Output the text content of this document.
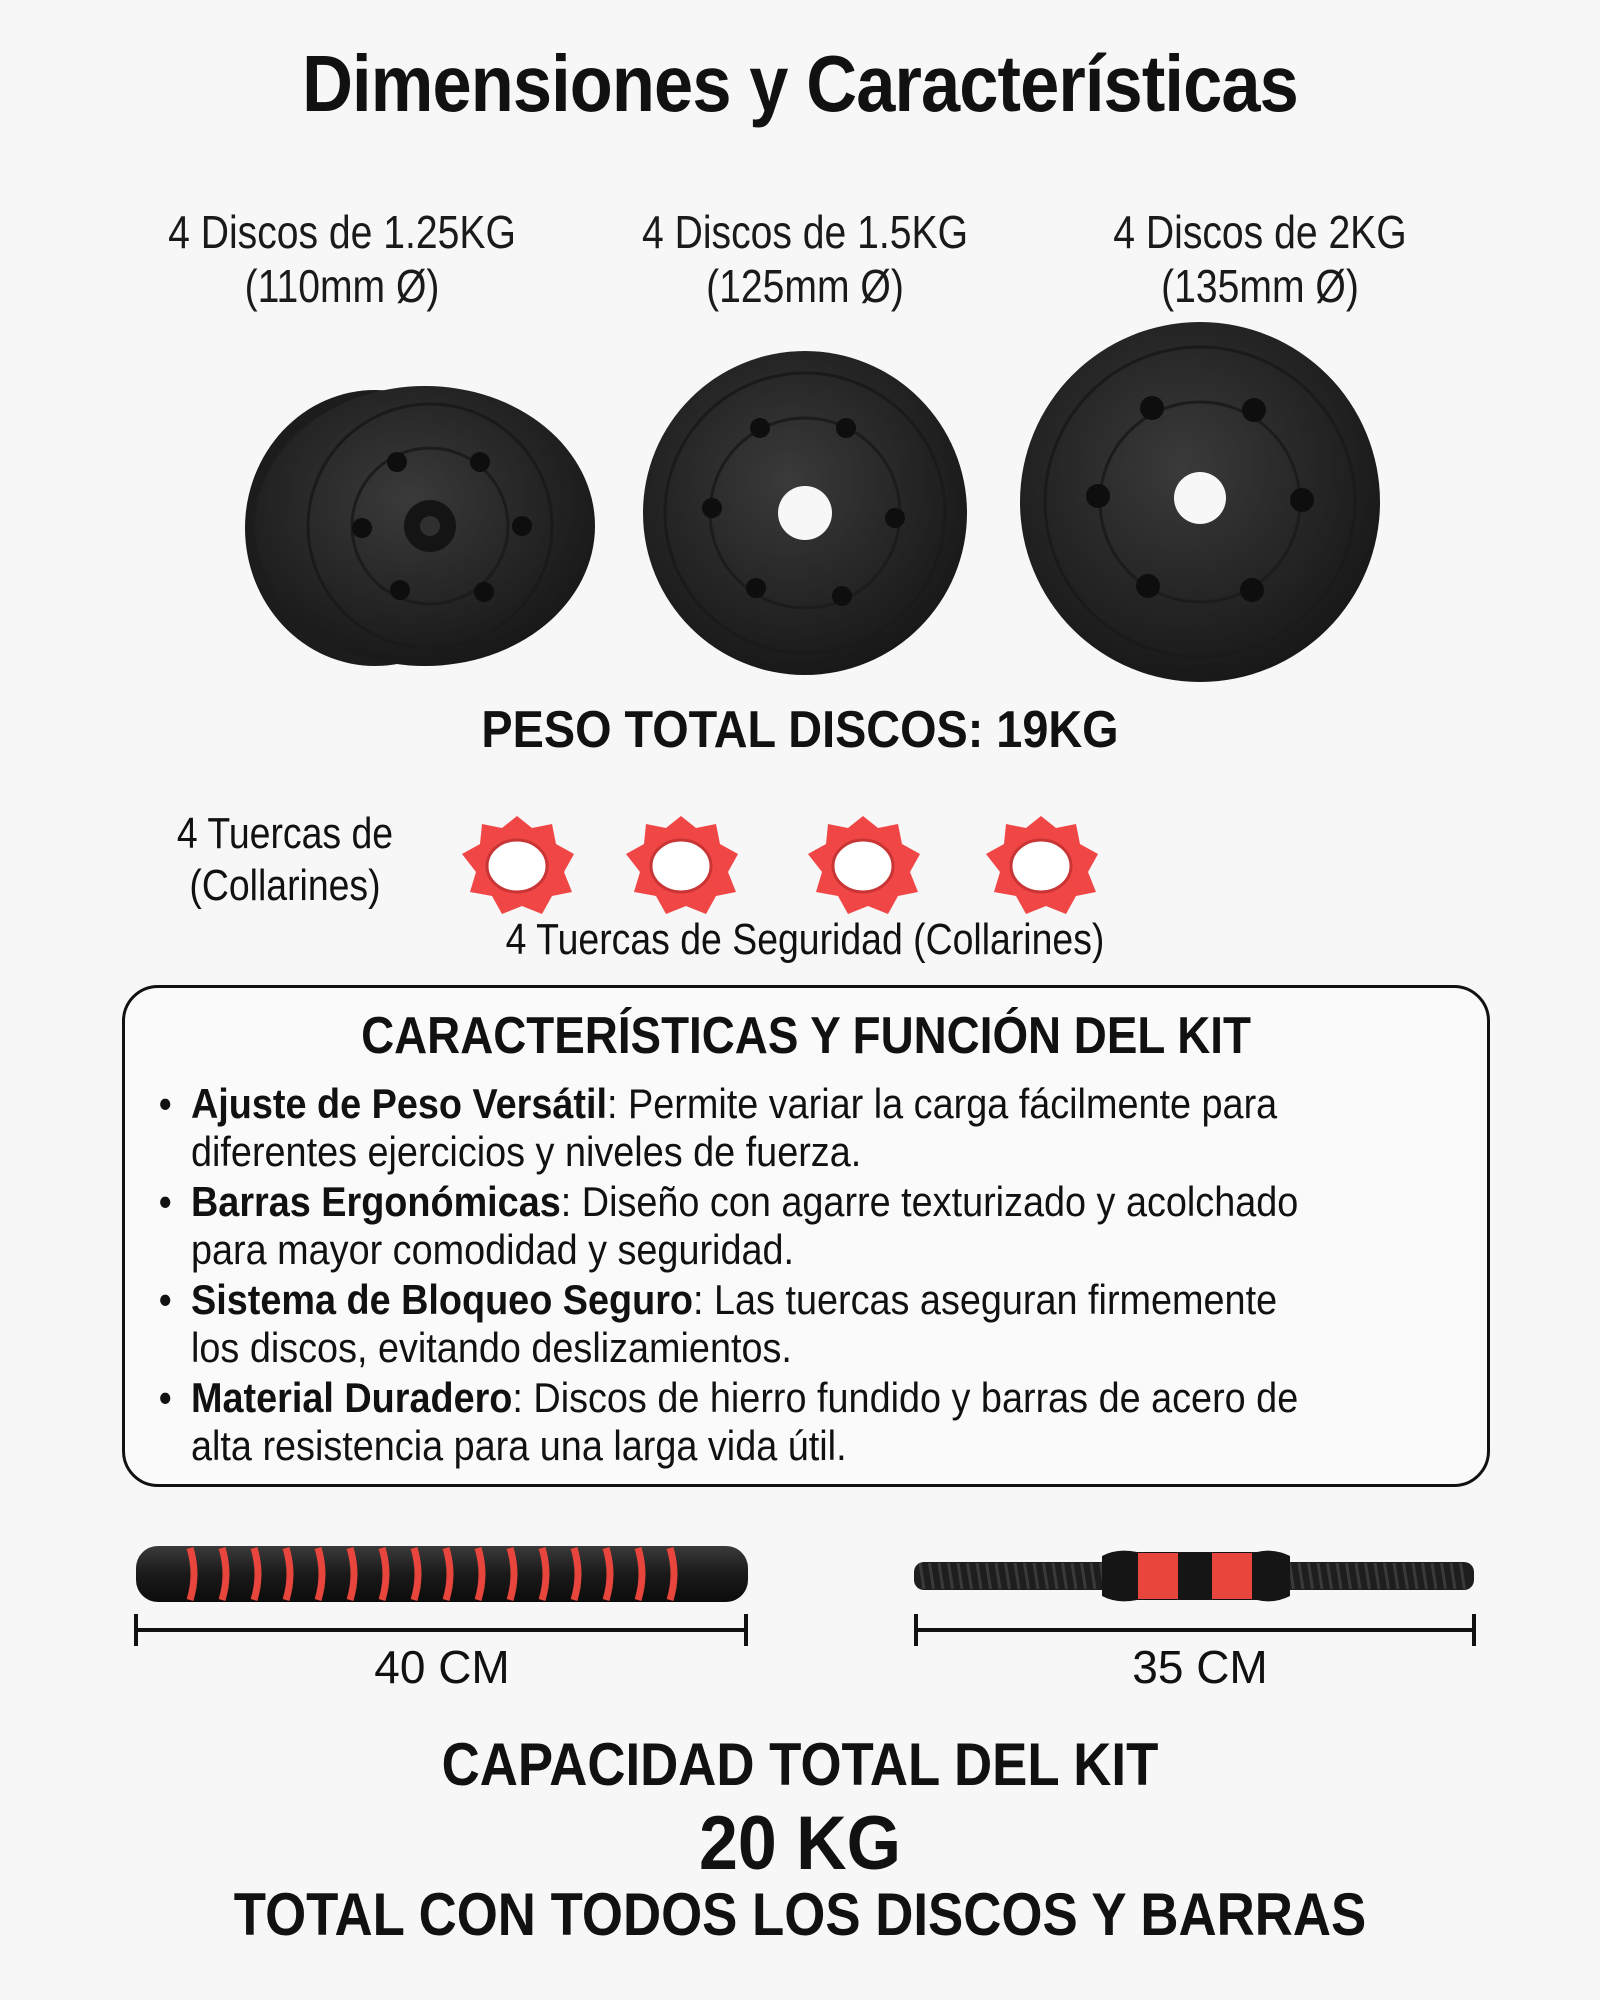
Dimensiones y Características
4 Discos de 1.25KG
(110mm Ø)
4 Discos de 1.5KG
(125mm Ø)
4 Discos de 2KG
(135mm Ø)
PESO TOTAL DISCOS: 19KG
4 Tuercas de
(Collarines)
4 Tuercas de Seguridad (Collarines)
CARACTERÍSTICAS Y FUNCIÓN DEL KIT
• Ajuste de Peso Versátil: Permite variar la carga fácilmente para
diferentes ejercicios y niveles de fuerza.
• Barras Ergonómicas: Diseño con agarre texturizado y acolchado
para mayor comodidad y seguridad.
• Sistema de Bloqueo Seguro: Las tuercas aseguran firmemente
los discos, evitando deslizamientos.
• Material Duradero: Discos de hierro fundido y barras de acero de
alta resistencia para una larga vida útil.
40 CM	35 CM
CAPACIDAD TOTAL DEL KIT
20 KG
TOTAL CON TODOS LOS DISCOS Y BARRAS
